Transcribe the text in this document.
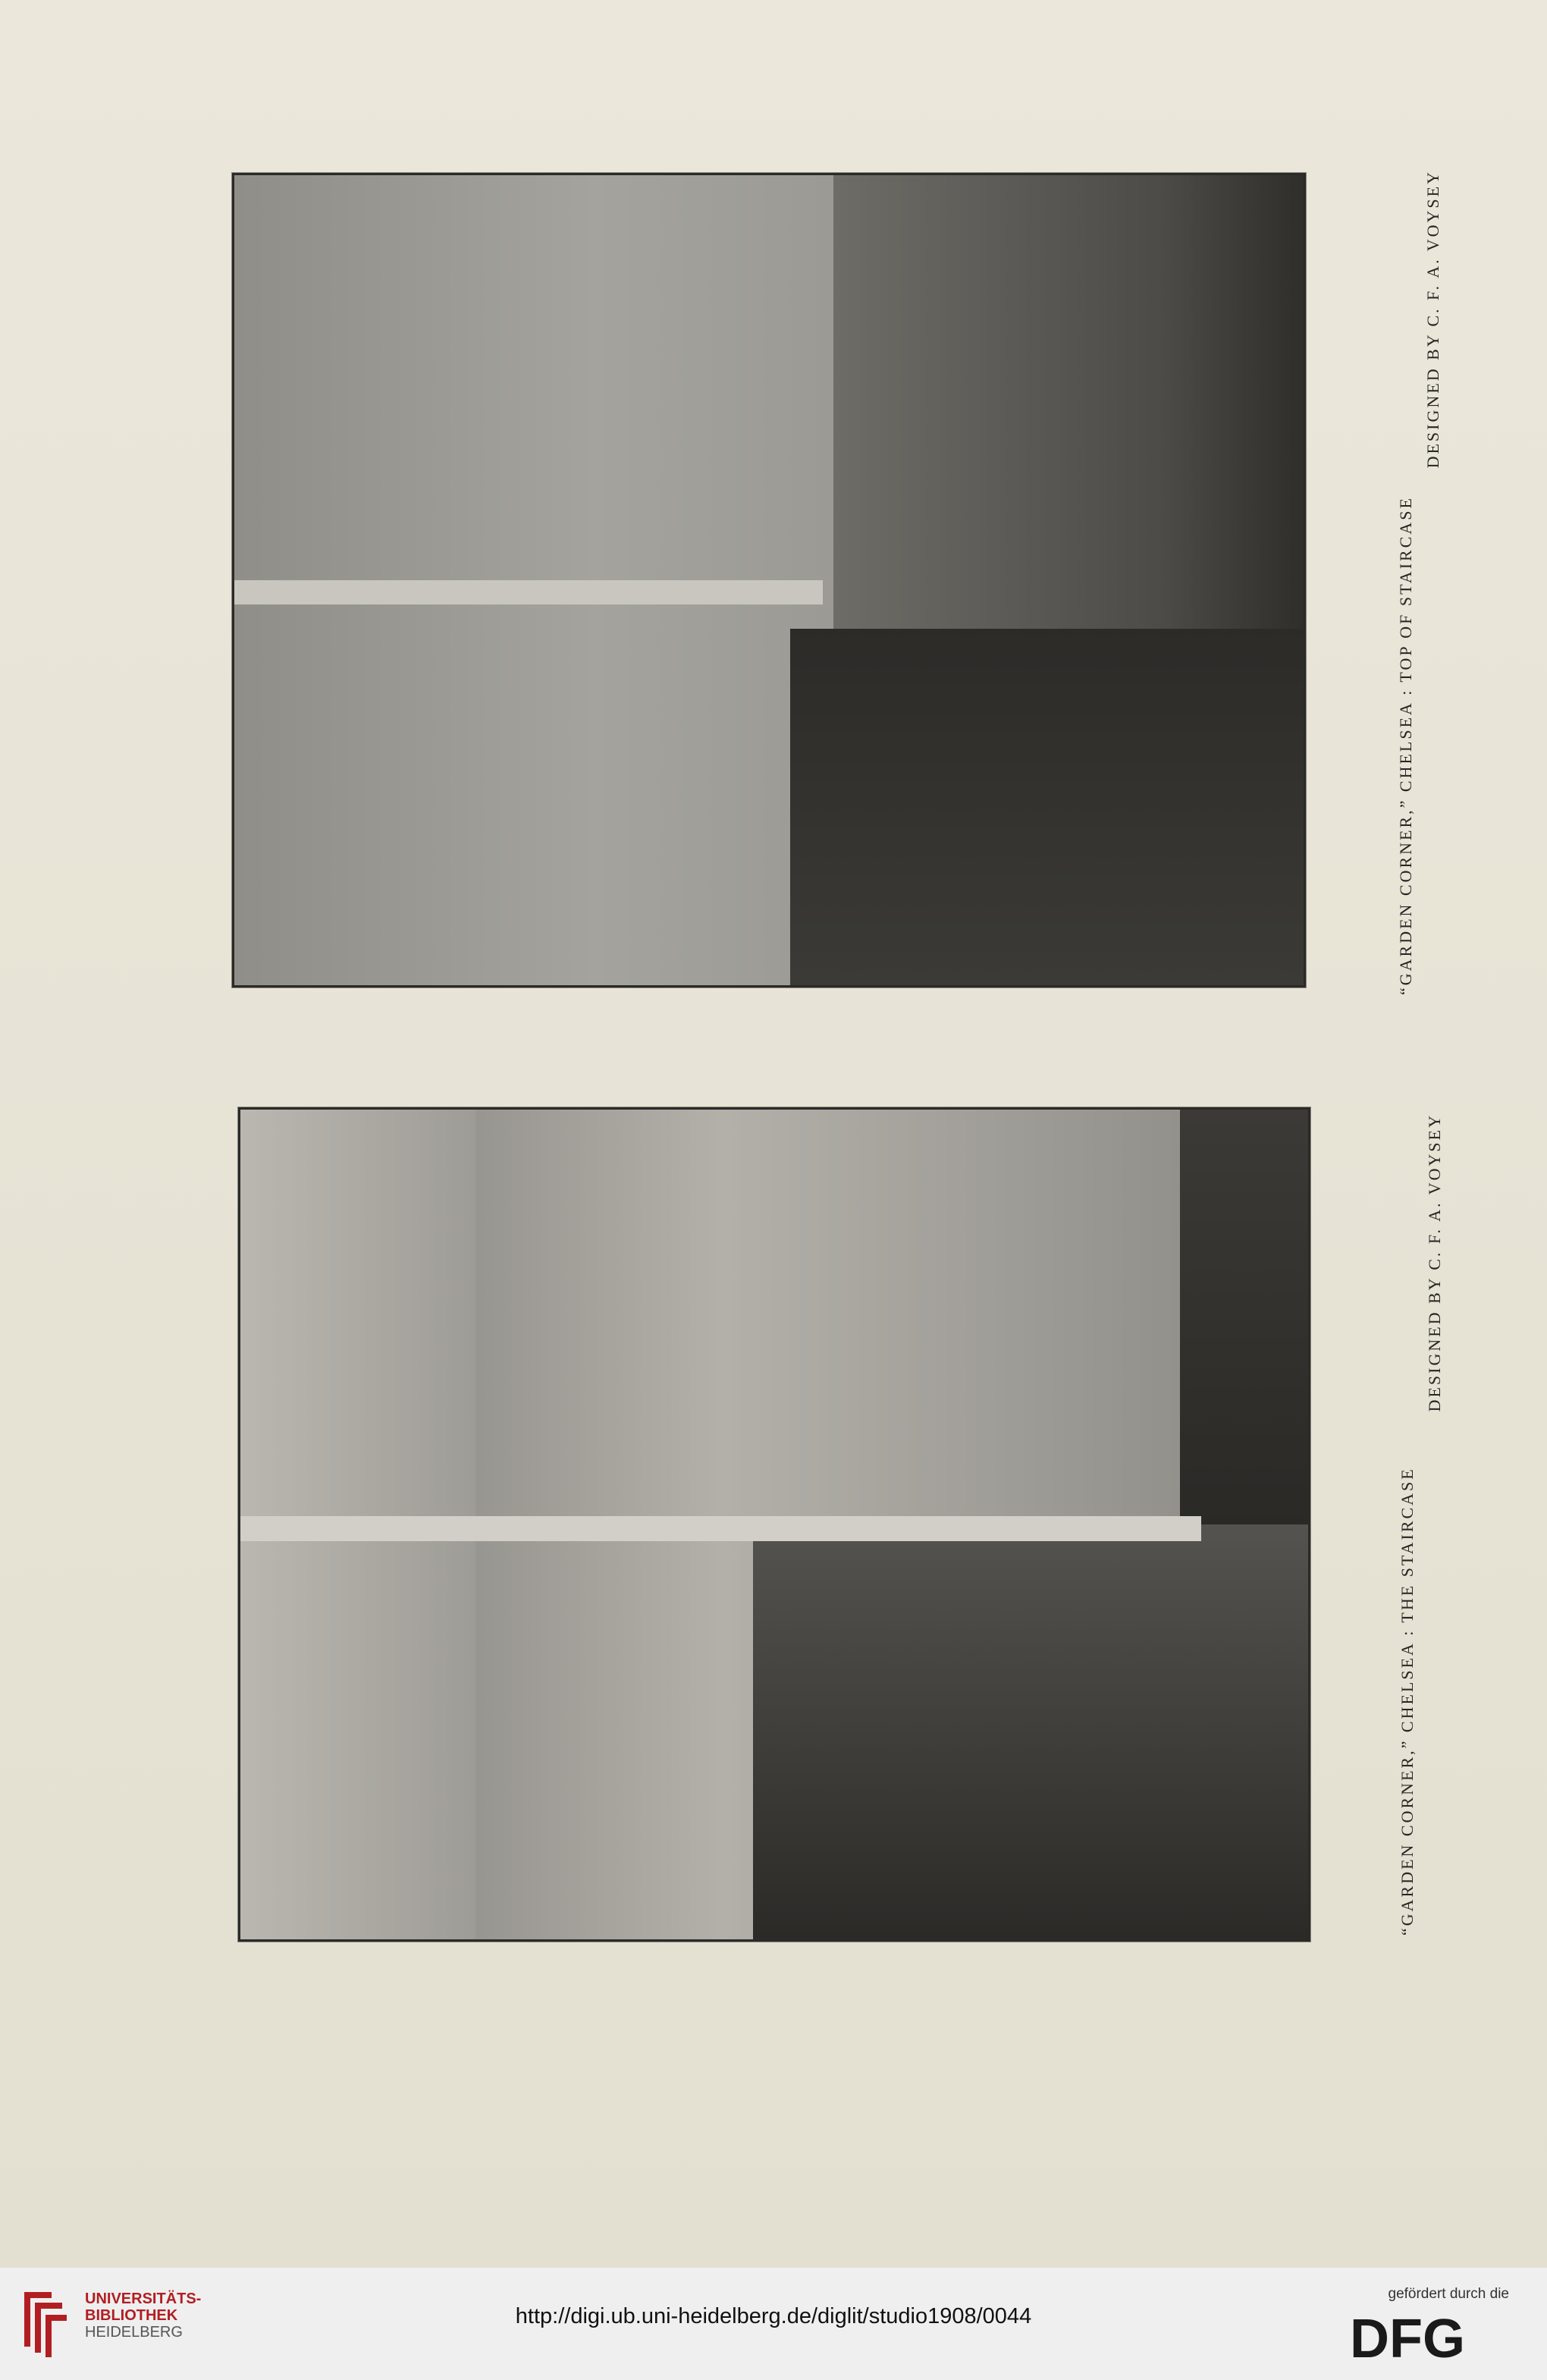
“GARDEN CORNER,” CHELSEA : TOP OF STAIRCASE
DESIGNED BY C. F. A. VOYSEY
“GARDEN CORNER,” CHELSEA : THE STAIRCASE
DESIGNED BY C. F. A. VOYSEY
UNIVERSITÄTS-
BIBLIOTHEK
HEIDELBERG
http://digi.ub.uni-heidelberg.de/diglit/studio1908/0044
gefördert durch die
DFG
